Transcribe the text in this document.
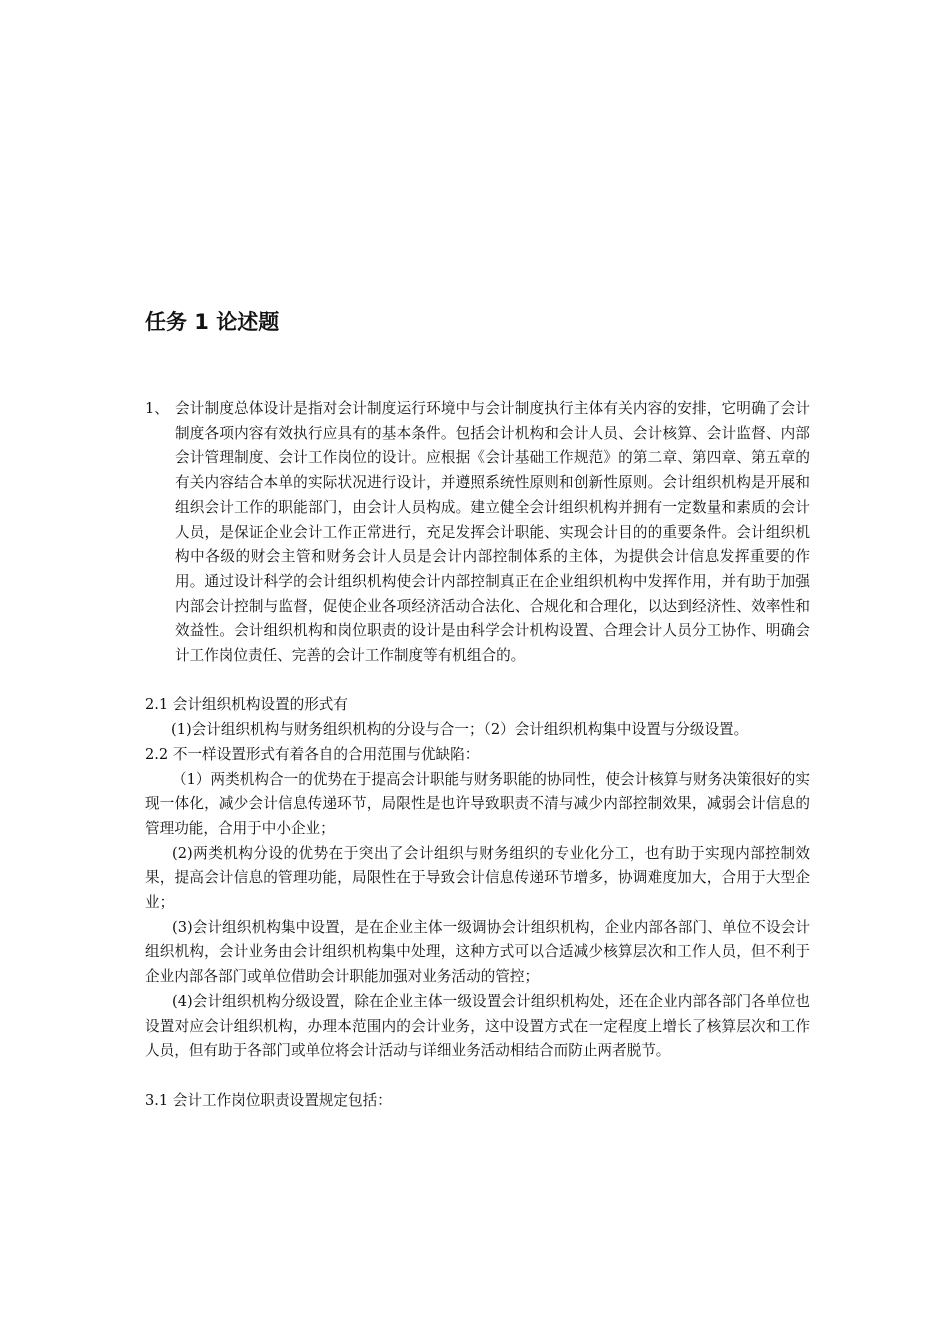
任务 1 论述题
1、 会计制度总体设计是指对会计制度运行环境中与会计制度执行主体有关内容的安排，它明确了会计制度各项内容有效执行应具有的基本条件。包括会计机构和会计人员、会计核算、会计监督、内部会计管理制度、会计工作岗位的设计。应根据《会计基础工作规范》的第二章、第四章、第五章的有关内容结合本单的实际状况进行设计，并遵照系统性原则和创新性原则。会计组织机构是开展和组织会计工作的职能部门，由会计人员构成。建立健全会计组织机构并拥有一定数量和素质的会计人员，是保证企业会计工作正常进行，充足发挥会计职能、实现会计目的的重要条件。会计组织机构中各级的财会主管和财务会计人员是会计内部控制体系的主体，为提供会计信息发挥重要的作用。通过设计科学的会计组织机构使会计内部控制真正在企业组织机构中发挥作用，并有助于加强内部会计控制与监督，促使企业各项经济活动合法化、合规化和合理化，以达到经济性、效率性和效益性。会计组织机构和岗位职责的设计是由科学会计机构设置、合理会计人员分工协作、明确会计工作岗位责任、完善的会计工作制度等有机组合的。

2.1 会计组织机构设置的形式有

(1)会计组织机构与财务组织机构的分设与合一；（2）会计组织机构集中设置与分级设置。

2.2 不一样设置形式有着各自的合用范围与优缺陷：

（1）两类机构合一的优势在于提高会计职能与财务职能的协同性，使会计核算与财务决策很好的实现一体化，减少会计信息传递环节，局限性是也许导致职责不清与减少内部控制效果，减弱会计信息的管理功能，合用于中小企业；

(2)两类机构分设的优势在于突出了会计组织与财务组织的专业化分工，也有助于实现内部控制效果，提高会计信息的管理功能，局限性在于导致会计信息传递环节增多，协调难度加大，合用于大型企业；

(3)会计组织机构集中设置，是在企业主体一级调协会计组织机构，企业内部各部门、单位不设会计组织机构，会计业务由会计组织机构集中处理，这种方式可以合适减少核算层次和工作人员，但不利于企业内部各部门或单位借助会计职能加强对业务活动的管控；

(4)会计组织机构分级设置，除在企业主体一级设置会计组织机构处，还在企业内部各部门各单位也设置对应会计组织机构，办理本范围内的会计业务，这中设置方式在一定程度上增长了核算层次和工作人员，但有助于各部门或单位将会计活动与详细业务活动相结合而防止两者脱节。

3.1 会计工作岗位职责设置规定包括：
